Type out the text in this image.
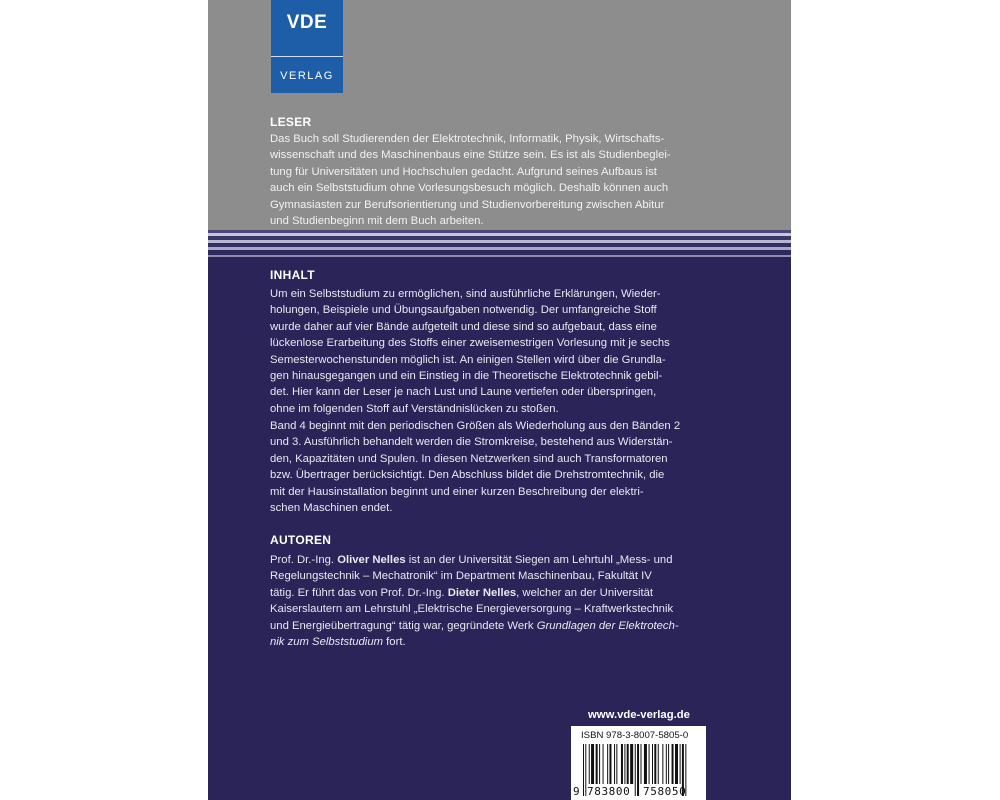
VDE
VERLAG
LESER

Das Buch soll Studierenden der Elektrotechnik, Informatik, Physik, Wirtschafts-

wissenschaft und des Maschinenbaus eine Stütze sein. Es ist als Studienbeglei-

tung für Universitäten und Hochschulen gedacht. Aufgrund seines Aufbaus ist

auch ein Selbststudium ohne Vorlesungsbesuch möglich. Deshalb können auch

Gymnasiasten zur Berufsorientierung und Studienvorbereitung zwischen Abitur

und Studienbeginn mit dem Buch arbeiten.

INHALT

Um ein Selbststudium zu ermöglichen, sind ausführliche Erklärungen, Wieder-

holungen, Beispiele und Übungsaufgaben notwendig. Der umfangreiche Stoff

wurde daher auf vier Bände aufgeteilt und diese sind so aufgebaut, dass eine

lückenlose Erarbeitung des Stoffs einer zweisemestrigen Vorlesung mit je sechs

Semesterwochenstunden möglich ist. An einigen Stellen wird über die Grundla-

gen hinausgegangen und ein Einstieg in die Theoretische Elektrotechnik gebil-

det. Hier kann der Leser je nach Lust und Laune vertiefen oder überspringen,

ohne im folgenden Stoff auf Verständnislücken zu stoßen.

Band 4 beginnt mit den periodischen Größen als Wiederholung aus den Bänden 2

und 3. Ausführlich behandelt werden die Stromkreise, bestehend aus Widerstän-

den, Kapazitäten und Spulen. In diesen Netzwerken sind auch Transformatoren

bzw. Übertrager berücksichtigt. Den Abschluss bildet die Drehstromtechnik, die

mit der Hausinstallation beginnt und einer kurzen Beschreibung der elektri-

schen Maschinen endet.

AUTOREN

Prof. Dr.-Ing. Oliver Nelles ist an der Universität Siegen am Lehrtuhl „Mess- und

Regelungstechnik – Mechatronik“ im Department Maschinenbau, Fakultät IV

tätig. Er führt das von Prof. Dr.-Ing. Dieter Nelles, welcher an der Universität

Kaiserslautern am Lehrstuhl „Elektrische Energieversorgung – Kraftwerkstechnik

und Energieübertragung“ tätig war, gegründete Werk Grundlagen der Elektrotech-

nik zum Selbststudium fort.

www.vde-verlag.de
ISBN 978-3-8007-5805-0
9 783800 758050
